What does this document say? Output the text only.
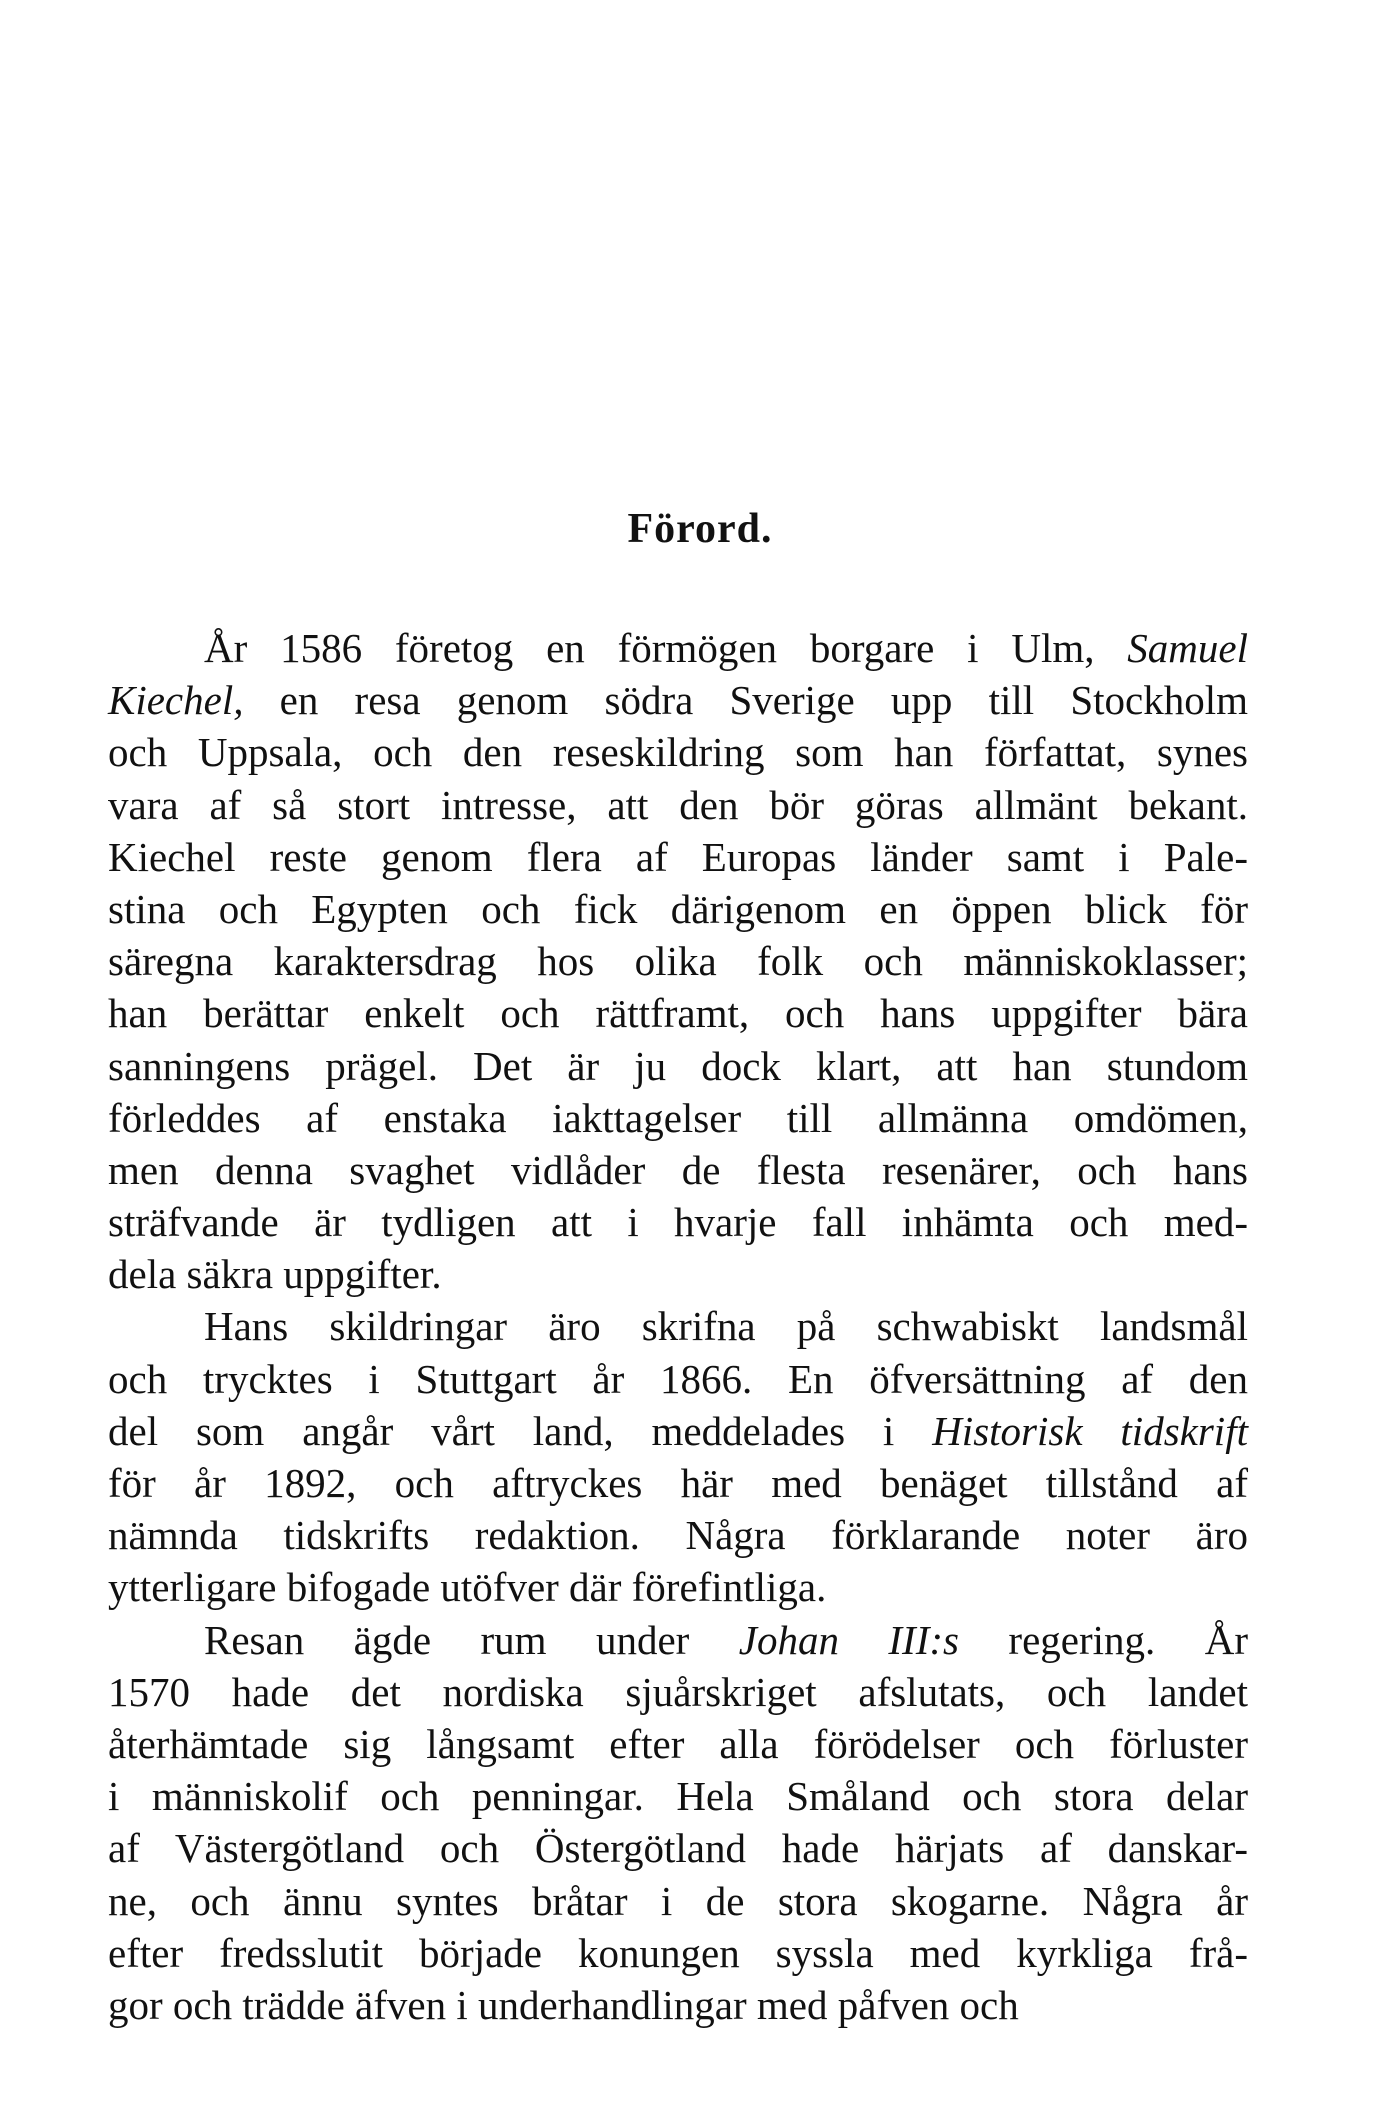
Förord.
År 1586 företog en förmögen borgare i Ulm, Samuel
Kiechel, en resa genom södra Sverige upp till Stockholm
och Uppsala, och den reseskildring som han författat, synes
vara af så stort intresse, att den bör göras allmänt bekant.
Kiechel reste genom flera af Europas länder samt i Pale-
stina och Egypten och fick därigenom en öppen blick för
säregna karaktersdrag hos olika folk och människoklasser;
han berättar enkelt och rättframt, och hans uppgifter bära
sanningens prägel. Det är ju dock klart, att han stundom
förleddes af enstaka iakttagelser till allmänna omdömen,
men denna svaghet vidlåder de flesta resenärer, och hans
sträfvande är tydligen att i hvarje fall inhämta och med-
dela säkra uppgifter.
Hans skildringar äro skrifna på schwabiskt landsmål
och trycktes i Stuttgart år 1866. En öfversättning af den
del som angår vårt land, meddelades i Historisk tidskrift
för år 1892, och aftryckes här med benäget tillstånd af
nämnda tidskrifts redaktion. Några förklarande noter äro
ytterligare bifogade utöfver där förefintliga.
Resan ägde rum under Johan III:s regering. År
1570 hade det nordiska sjuårskriget afslutats, och landet
återhämtade sig långsamt efter alla förödelser och förluster
i människolif och penningar. Hela Småland och stora delar
af Västergötland och Östergötland hade härjats af danskar-
ne, och ännu syntes bråtar i de stora skogarne. Några år
efter fredsslutit började konungen syssla med kyrkliga frå-
gor och trädde äfven i underhandlingar med påfven och
